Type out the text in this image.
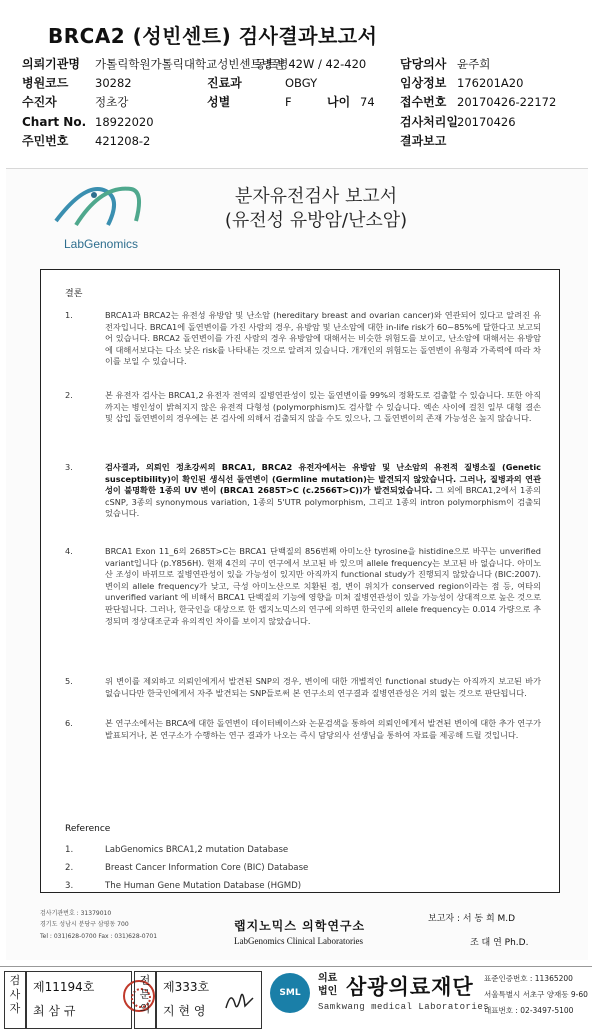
BRCA2 (성빈센트) 검사결과보고서
의뢰기관명 가톨릭학원가톨릭대학교성빈센트병원
동트병42W / 42-420	담당의사 윤주희
병원코드 30282	진료과	OBGY	임상정보 176201A20
수진자	정초강	성별	F	나이 74 접수번호 20170426-22172
Chart No. 18922020	검사처리일 20170426
주민번호 421208-2	결과보고
LabGenomics
분자유전검사 보고서
(유전성 유방암/난소암)
결론
1.	BRCA1과 BRCA2는 유전성 유방암 및 난소암 (hereditary breast and ovarian cancer)와 연관되어 있다고 알려진 유전자입니다. BRCA1에 돌연변이를 가진 사람의 경우, 유방암 및 난소암에 대한 in-life risk가 60~85%에 달한다고 보고되어 있습니다. BRCA2 돌연변이를 가진 사람의 경우 유방암에 대해서는 비슷한 위험도를 보이고, 난소암에 대해서는 유방암에 대해서보다는 다소 낮은 risk를 나타내는 것으로 알려져 있습니다. 개개인의 위험도는 돌연변이 유형과 가족력에 따라 차이를 보일 수 있습니다.
2.	본 유전자 검사는 BRCA1,2 유전자 전역의 질병연관성이 있는 돌연변이를 99%의 정확도로 검출할 수 있습니다. 또한 아직까지는 병인성이 밝혀지지 않은 유전적 다형성 (polymorphism)도 검사할 수 있습니다. 엑손 사이에 걸친 일부 대형 결손 및 삽입 돌연변이의 경우에는 본 검사에 의해서 검출되지 않을 수도 있으나, 그 돌연변이의 존재 가능성은 높지 않습니다.
3.	검사결과, 의뢰인 정초강씨의 BRCA1, BRCA2 유전자에서는 유방암 및 난소암의 유전적 질병소질 (Genetic susceptibility)이 확인된 생식선 돌연변이 (Germline mutation)는 발견되지 않았습니다. 그러나, 질병과의 연관성이 불명확한 1종의 UV 변이 (BRCA1 2685T>C (c.2566T>C))가 발견되었습니다. 그 외에 BRCA1,2에서 1종의 cSNP, 3종의 synonymous variation, 1종의 5'UTR polymorphism, 그리고 1종의 intron polymorphism이 검출되었습니다.
4.	BRCA1 Exon 11_6의 2685T>C는 BRCA1 단백질의 856번째 아미노산 tyrosine을 histidine으로 바꾸는 unverified variant입니다 (p.Y856H). 현재 4건의 구미 연구에서 보고된 바 있으며 allele frequency는 보고된 바 없습니다. 아미노산 조성이 바뀌므로 질병연관성이 있을 가능성이 있지만 아직까지 functional study가 진행되지 않았습니다 (BIC:2007). 변이의 allele frequency가 낮고, 극성 아미노산으로 치환된 점, 변이 위치가 conserved region이라는 점 등, 여타의 unverified variant 에 비해서 BRCA1 단백질의 기능에 영향을 미쳐 질병연관성이 있을 가능성이 상대적으로 높은 것으로 판단됩니다. 그러나, 한국인을 대상으로 한 랩지노믹스의 연구에 의하면 한국인의 allele frequency는 0.014 가량으로 추정되며 정상대조군과 유의적인 차이를 보이지 않았습니다.
5.	위 변이를 제외하고 의뢰인에게서 발견된 SNP의 경우, 변이에 대한 개별적인 functional study는 아직까지 보고된 바가 없습니다만 한국인에게서 자주 발견되는 SNP들로써 본 연구소의 연구결과 질병연관성은 거의 없는 것으로 판단됩니다.
6.	본 연구소에서는 BRCA에 대한 돌연변이 데이터베이스와 논문검색을 통하여 의뢰인에게서 발견된 변이에 대한 추가 연구가 발표되거나, 본 연구소가 수행하는 연구 결과가 나오는 즉시 담당의사 선생님을 통하여 자료를 제공해 드릴 것입니다.
Reference
1.	LabGenomics BRCA1,2 mutation Database
2.	Breast Cancer Information Core (BIC) Database
3.	The Human Gene Mutation Database (HGMD)
검사기관번호 : 31379010
경기도 성남시 분당구 삼평동 700
Tel : 031)628-0700 Fax : 031)628-0701
랩지노믹스 의학연구소
LabGenomics Clinical Laboratories
보고자 : 서 동 희 M.D
조 대 연 Ph.D.
검사자
제11194호
최 삼 규
전문의
제333호
지 현 영
SML
의료
법인 삼광의료재단
Samkwang medical Laboratories
표준인증번호 : 11365200
서울특별시 서초구 양재동 9-60
대표번호 : 02-3497-5100
